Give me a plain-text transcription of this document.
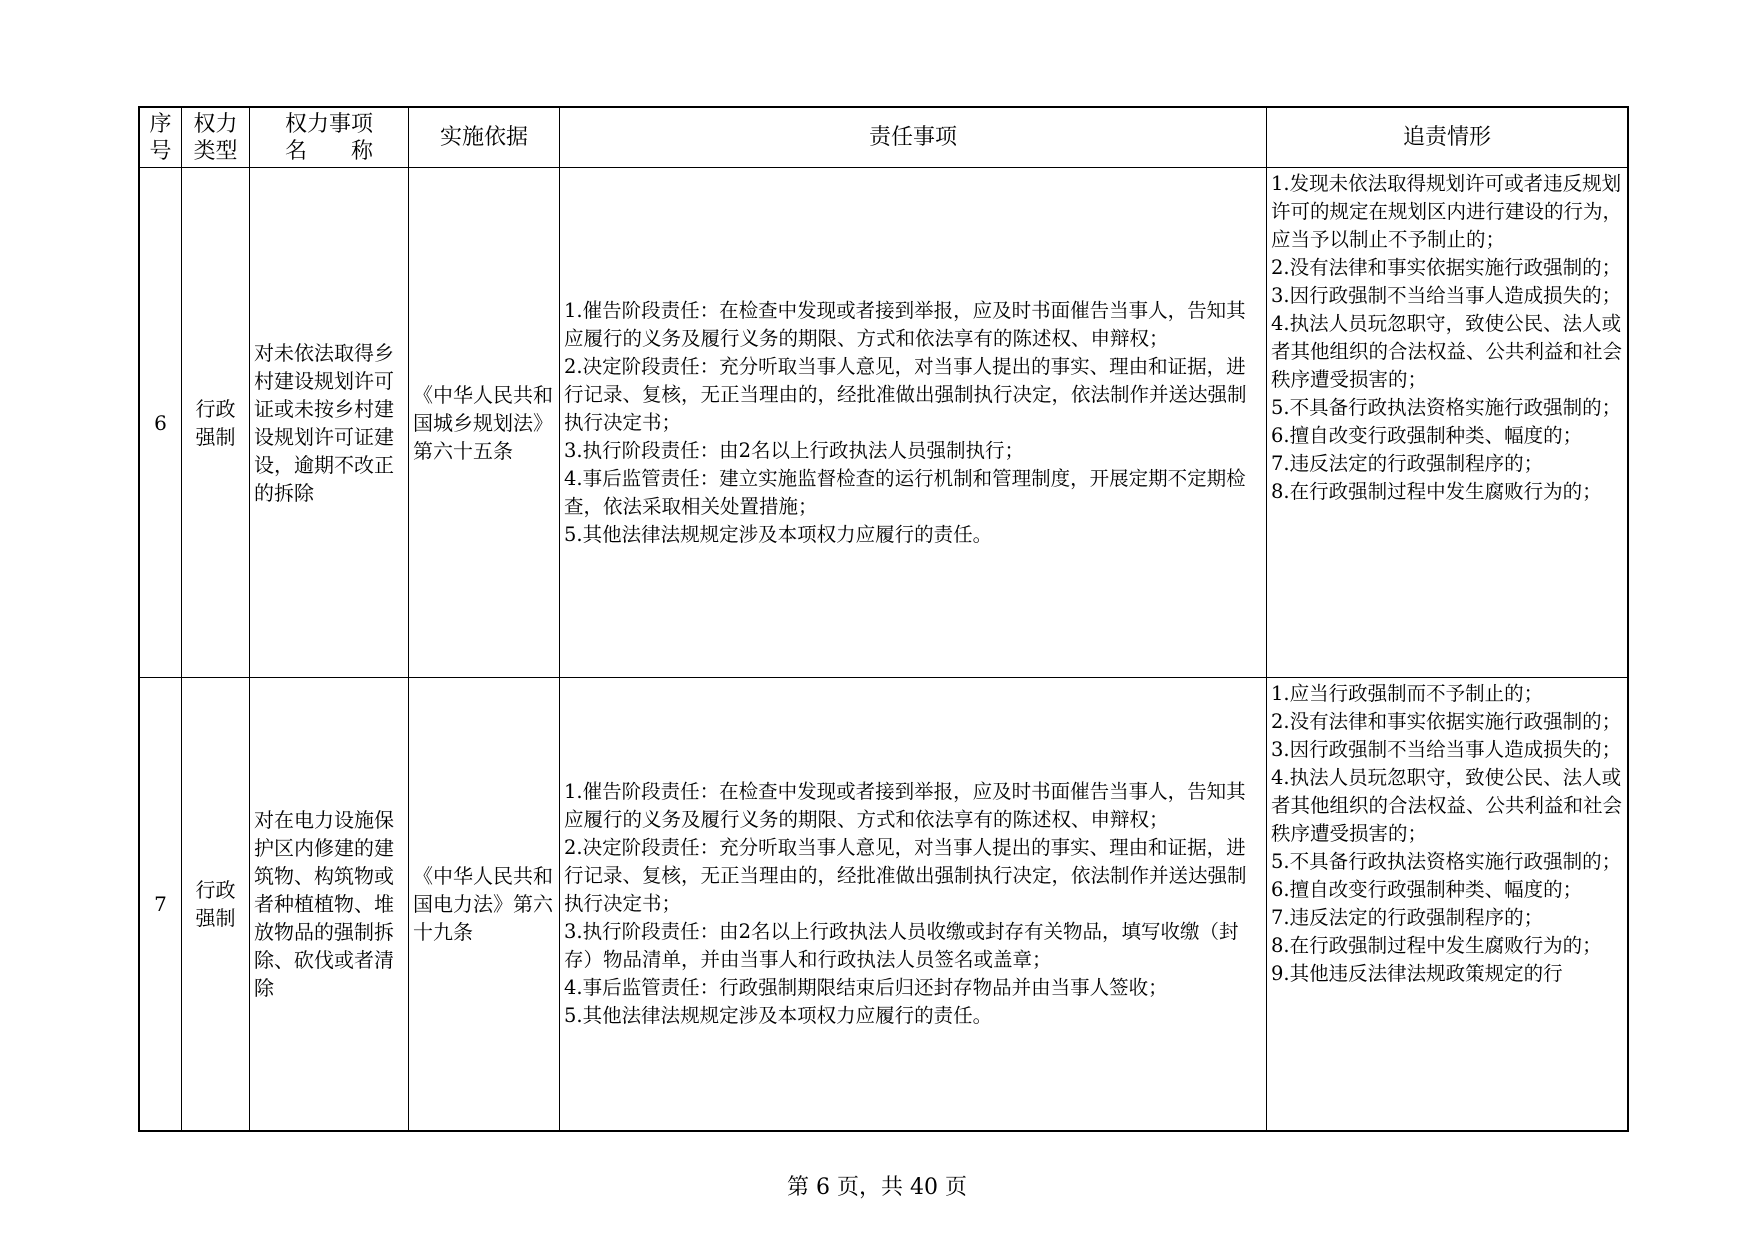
序
号
权力
类型
权力事项
名　　称
实施依据	责任事项	追责情形
6
行政强制
对未依法取得乡村建设规划许可证或未按乡村建设规划许可证建设，逾期不改正的拆除
《中华人民共和国城乡规划法》第六十五条
1.催告阶段责任：在检查中发现或者接到举报，应及时书面催告当事人，告知其应履行的义务及履行义务的期限、方式和依法享有的陈述权、申辩权；
2.决定阶段责任：充分听取当事人意见，对当事人提出的事实、理由和证据，进行记录、复核，无正当理由的，经批准做出强制执行决定，依法制作并送达强制执行决定书；
3.执行阶段责任：由2名以上行政执法人员强制执行；
4.事后监管责任：建立实施监督检查的运行机制和管理制度，开展定期不定期检查，依法采取相关处置措施；
5.其他法律法规规定涉及本项权力应履行的责任。
1.发现未依法取得规划许可或者违反规划许可的规定在规划区内进行建设的行为，应当予以制止不予制止的；
2.没有法律和事实依据实施行政强制的；
3.因行政强制不当给当事人造成损失的；
4.执法人员玩忽职守，致使公民、法人或者其他组织的合法权益、公共利益和社会秩序遭受损害的；
5.不具备行政执法资格实施行政强制的；
6.擅自改变行政强制种类、幅度的；
7.违反法定的行政强制程序的；
8.在行政强制过程中发生腐败行为的；
7
行政强制
对在电力设施保护区内修建的建筑物、构筑物或者种植植物、堆放物品的强制拆除、砍伐或者清除
《中华人民共和国电力法》第六十九条
1.催告阶段责任：在检查中发现或者接到举报，应及时书面催告当事人，告知其应履行的义务及履行义务的期限、方式和依法享有的陈述权、申辩权；
2.决定阶段责任：充分听取当事人意见，对当事人提出的事实、理由和证据，进行记录、复核，无正当理由的，经批准做出强制执行决定，依法制作并送达强制执行决定书；
3.执行阶段责任：由2名以上行政执法人员收缴或封存有关物品，填写收缴（封存）物品清单，并由当事人和行政执法人员签名或盖章；
4.事后监管责任：行政强制期限结束后归还封存物品并由当事人签收；
5.其他法律法规规定涉及本项权力应履行的责任。
1.应当行政强制而不予制止的；
2.没有法律和事实依据实施行政强制的；
3.因行政强制不当给当事人造成损失的；
4.执法人员玩忽职守，致使公民、法人或者其他组织的合法权益、公共利益和社会秩序遭受损害的；
5.不具备行政执法资格实施行政强制的；
6.擅自改变行政强制种类、幅度的；
7.违反法定的行政强制程序的；
8.在行政强制过程中发生腐败行为的；
9.其他违反法律法规政策规定的行
第 6 页，共 40 页
